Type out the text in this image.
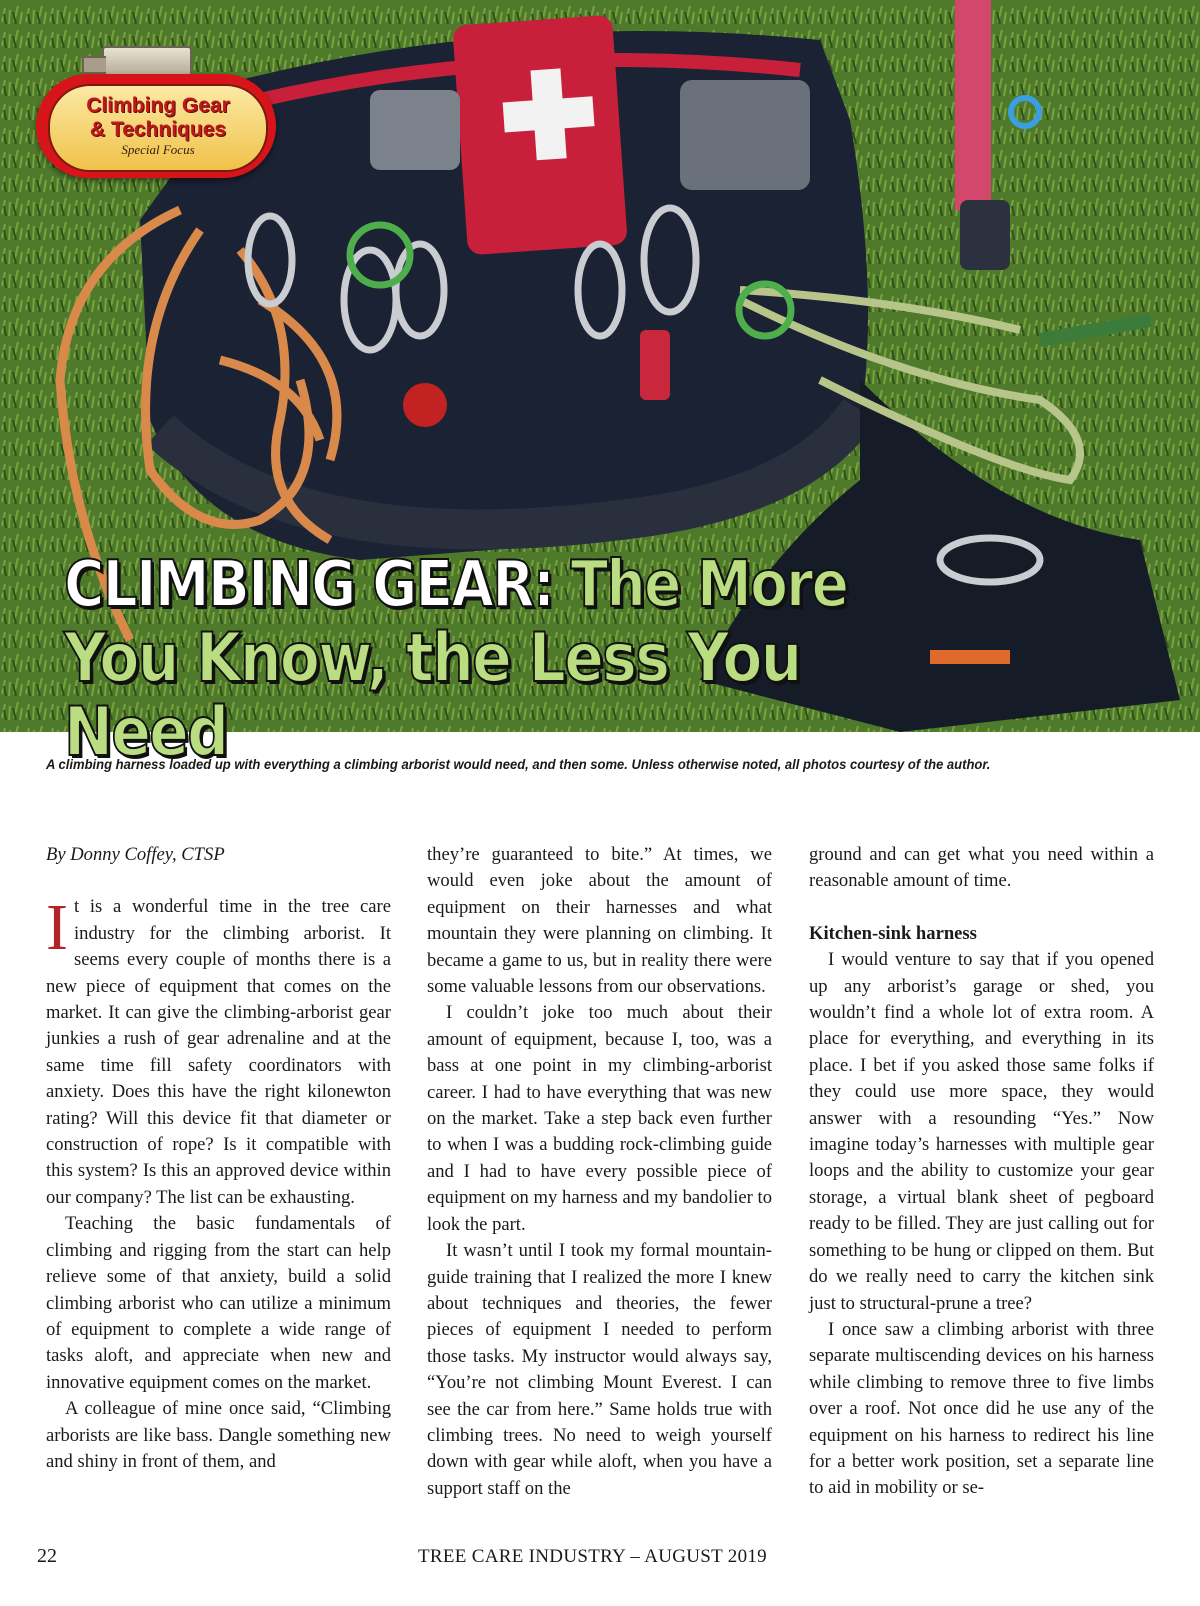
Climbing Gear
& Techniques
Special Focus
CLIMBING GEAR: The More
You Know, the Less You Need
A climbing harness loaded up with everything a climbing arborist would need, and then some. Unless otherwise noted, all photos courtesy of the author.

By Donny Coffey, CTSP

It is a wonderful time in the tree care industry for the climbing arborist. It seems every couple of months there is a new piece of equipment that comes on the market. It can give the climbing-arborist gear junkies a rush of gear adrenaline and at the same time fill safety coordinators with anxiety. Does this have the right kilonewton rating? Will this device fit that diameter or construction of rope? Is it compatible with this system? Is this an approved device within our company? The list can be exhausting.

Teaching the basic fundamentals of climbing and rigging from the start can help relieve some of that anxiety, build a solid climbing arborist who can utilize a minimum of equipment to complete a wide range of tasks aloft, and appreciate when new and innovative equipment comes on the market.

A colleague of mine once said, “Climbing arborists are like bass. Dangle something new and shiny in front of them, and

they’re guaranteed to bite.” At times, we would even joke about the amount of equipment on their harnesses and what mountain they were planning on climbing. It became a game to us, but in reality there were some valuable lessons from our observations.

I couldn’t joke too much about their amount of equipment, because I, too, was a bass at one point in my climbing-arborist career. I had to have everything that was new on the market. Take a step back even further to when I was a budding rock-climbing guide and I had to have every possible piece of equipment on my harness and my bandolier to look the part.

It wasn’t until I took my formal mountain-guide training that I realized the more I knew about techniques and theories, the fewer pieces of equipment I needed to perform those tasks. My instructor would always say, “You’re not climbing Mount Everest. I can see the car from here.” Same holds true with climbing trees. No need to weigh yourself down with gear while aloft, when you have a support staff on the

ground and can get what you need within a reasonable amount of time.

Kitchen-sink harness

I would venture to say that if you opened up any arborist’s garage or shed, you wouldn’t find a whole lot of extra room. A place for everything, and everything in its place. I bet if you asked those same folks if they could use more space, they would answer with a resounding “Yes.” Now imagine today’s harnesses with multiple gear loops and the ability to customize your gear storage, a virtual blank sheet of pegboard ready to be filled. They are just calling out for something to be hung or clipped on them. But do we really need to carry the kitchen sink just to structural-prune a tree?

I once saw a climbing arborist with three separate multiscending devices on his harness while climbing to remove three to five limbs over a roof. Not once did he use any of the equipment on his harness to redirect his line for a better work position, set a separate line to aid in mobility or se-

22	TREE CARE INDUSTRY – AUGUST 2019
